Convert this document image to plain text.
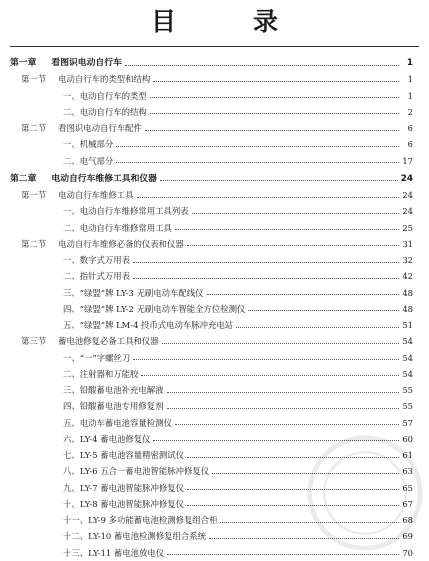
目　录
第一章 看图识电动自行车	1
第一节 电动自行车的类型和结构	1
一、电动自行车的类型	1
二、电动自行车的结构	2
第二节 看图识电动自行车配件	6
一、机械部分	6
二、电气部分	17
第二章 电动自行车维修工具和仪器	24
第一节 电动自行车维修工具	24
一、电动自行车维修常用工具列表	24
二、电动自行车维修常用工具	25
第二节 电动自行车维修必备的仪表和仪器	31
一、数字式万用表	32
二、指针式万用表	42
三、“绿盟”牌 LY-3 无刷电动车配线仪	48
四、“绿盟”牌 LY-2 无刷电动车智能全方位检测仪	48
五、“绿盟”牌 LM-4 投币式电动车脉冲充电站	51
第三节 蓄电池修复必备工具和仪器	54
一、“一”字螺丝刀	54
二、注射器和万能胶	54
三、铅酸蓄电池补充电解液	55
四、铅酸蓄电池专用修复剂	55
五、电动车蓄电池容量检测仪	57
六、LY-4 蓄电池修复仪	60
七、LY-5 蓄电池容量精密测试仪	61
八、LY-6 五合一蓄电池智能脉冲修复仪	63
九、LY-7 蓄电池智能脉冲修复仪	65
十、LY-8 蓄电池智能脉冲修复仪	67
十一、LY-9 多功能蓄电池检测修复组合柜	68
十二、LY-10 蓄电池检测修复组合系统	69
十三、LY-11 蓄电池放电仪	70
